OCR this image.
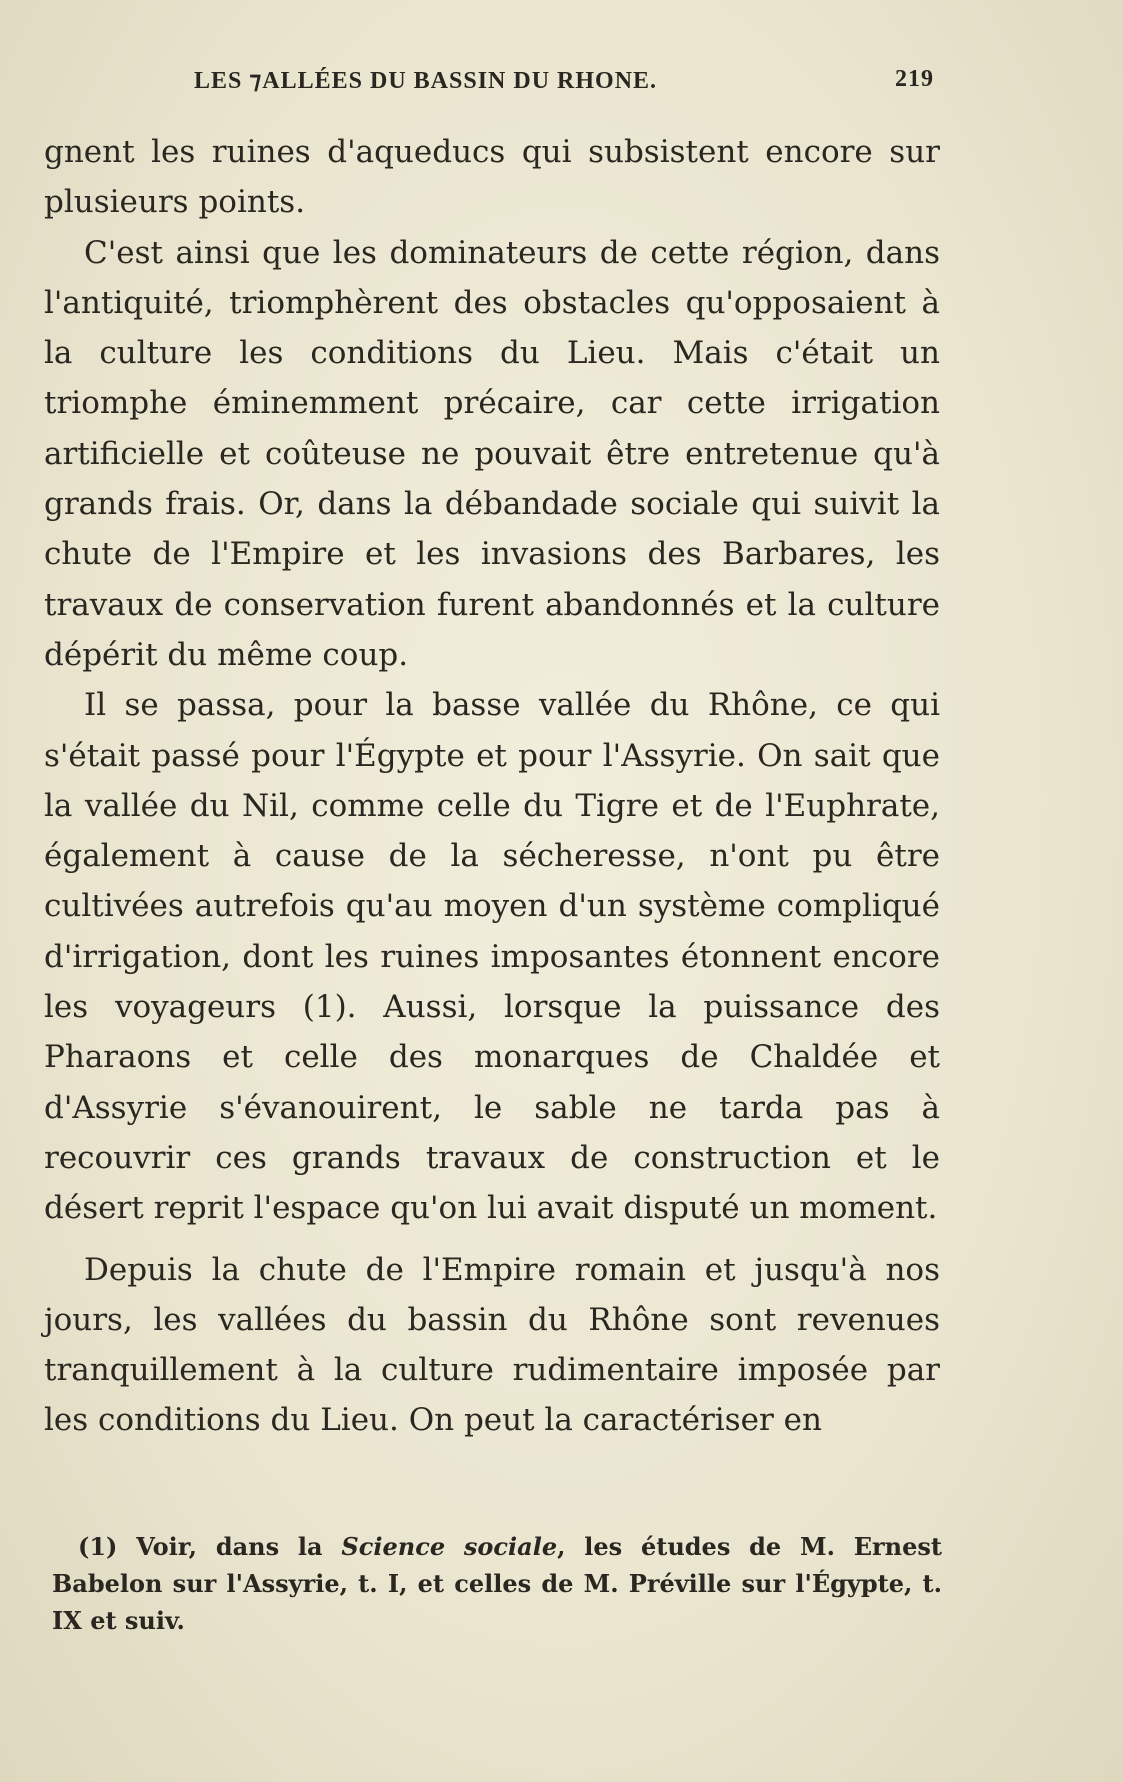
LES ⁊ALLÉES DU BASSIN DU RHONE.	219

gnent les ruines d'aqueducs qui subsistent encore sur plusieurs points.

C'est ainsi que les dominateurs de cette région, dans l'antiquité, triomphèrent des obstacles qu'opposaient à la culture les conditions du Lieu. Mais c'était un triomphe éminemment précaire, car cette irrigation artificielle et coûteuse ne pouvait être entretenue qu'à grands frais. Or, dans la débandade sociale qui suivit la chute de l'Empire et les invasions des Barbares, les travaux de conservation furent abandonnés et la culture dépérit du même coup.

Il se passa, pour la basse vallée du Rhône, ce qui s'était passé pour l'Égypte et pour l'Assyrie. On sait que la vallée du Nil, comme celle du Tigre et de l'Euphrate, également à cause de la sécheresse, n'ont pu être cultivées autrefois qu'au moyen d'un système compliqué d'irrigation, dont les ruines imposantes étonnent encore les voyageurs (1). Aussi, lorsque la puissance des Pharaons et celle des monarques de Chaldée et d'Assyrie s'évanouirent, le sable ne tarda pas à recouvrir ces grands travaux de construction et le désert reprit l'espace qu'on lui avait disputé un moment.

Depuis la chute de l'Empire romain et jusqu'à nos jours, les vallées du bassin du Rhône sont revenues tranquillement à la culture rudimentaire imposée par les conditions du Lieu. On peut la caractériser en

(1) Voir, dans la Science sociale, les études de M. Ernest Babelon sur l'Assyrie, t. I, et celles de M. Préville sur l'Égypte, t. IX et suiv.
